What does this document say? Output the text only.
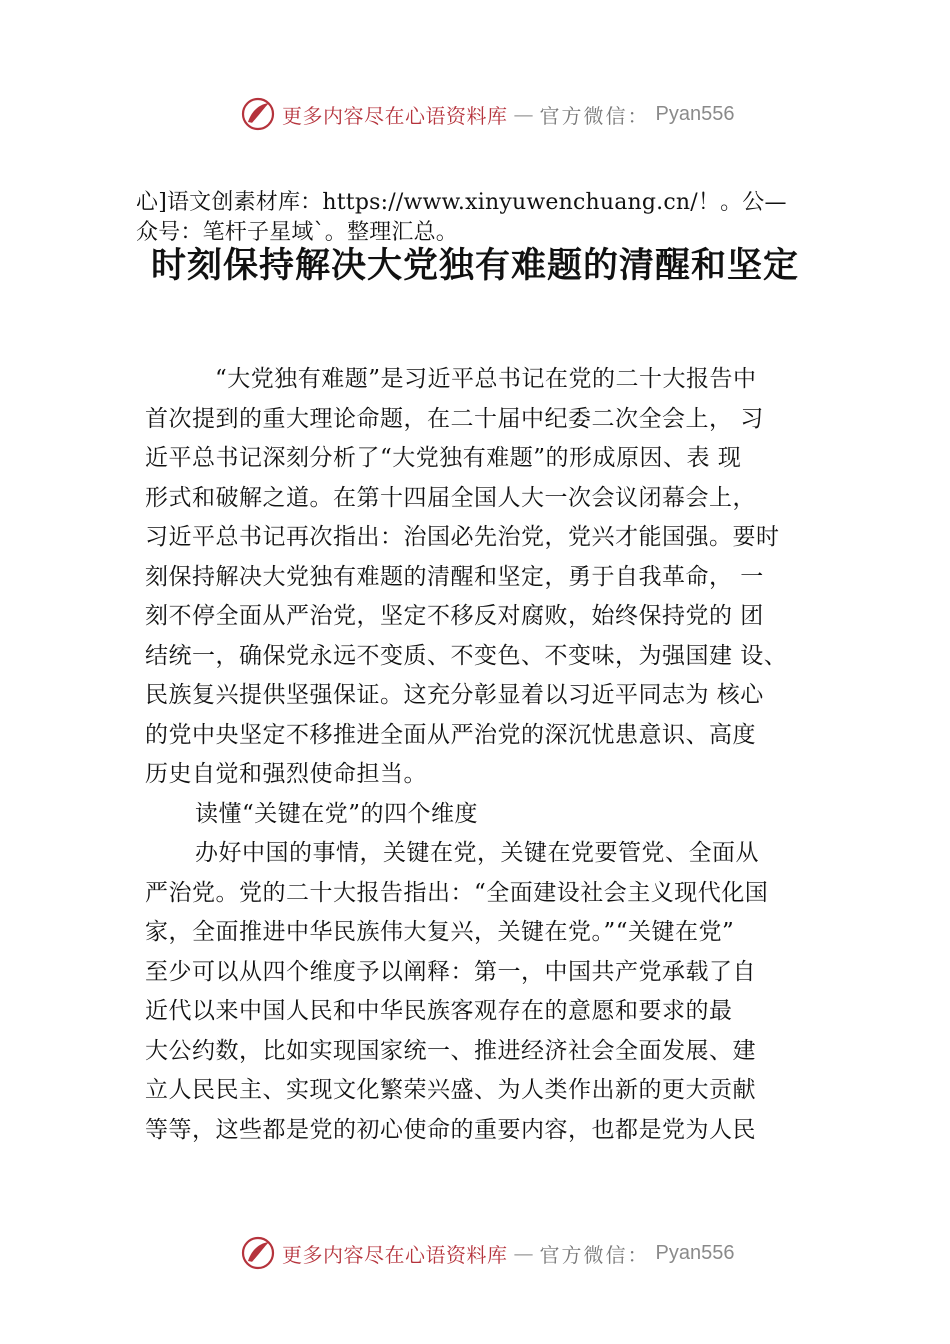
更多内容尽在心语资料库 — 官方微信： Pyan556
心]语文创素材库：https://www.xinyuwenchuang.cn/！。公—
众号：笔杆子星域`。整理汇总。
时刻保持解决大党独有难题的清醒和坚定

“大党独有难题”是习近平总书记在党的二十大报告中

首次提到的重大理论命题，在二十届中纪委二次全会上， 习

近平总书记深刻分析了“大党独有难题”的形成原因、表 现

形式和破解之道。在第十四届全国人大一次会议闭幕会上，

习近平总书记再次指出：治国必先治党，党兴才能国强。要时

刻保持解决大党独有难题的清醒和坚定，勇于自我革命， 一

刻不停全面从严治党，坚定不移反对腐败，始终保持党的 团

结统一，确保党永远不变质、不变色、不变味，为强国建 设、

民族复兴提供坚强保证。这充分彰显着以习近平同志为 核心

的党中央坚定不移推进全面从严治党的深沉忧患意识、高度

历史自觉和强烈使命担当。

读懂“关键在党”的四个维度

办好中国的事情，关键在党，关键在党要管党、全面从

严治党。党的二十大报告指出：“全面建设社会主义现代化国

家，全面推进中华民族伟大复兴，关键在党。”“关键在党”

至少可以从四个维度予以阐释：第一，中国共产党承载了自

近代以来中国人民和中华民族客观存在的意愿和要求的最

大公约数，比如实现国家统一、推进经济社会全面发展、建

立人民民主、实现文化繁荣兴盛、为人类作出新的更大贡献

等等，这些都是党的初心使命的重要内容，也都是党为人民

更多内容尽在心语资料库 — 官方微信： Pyan556
